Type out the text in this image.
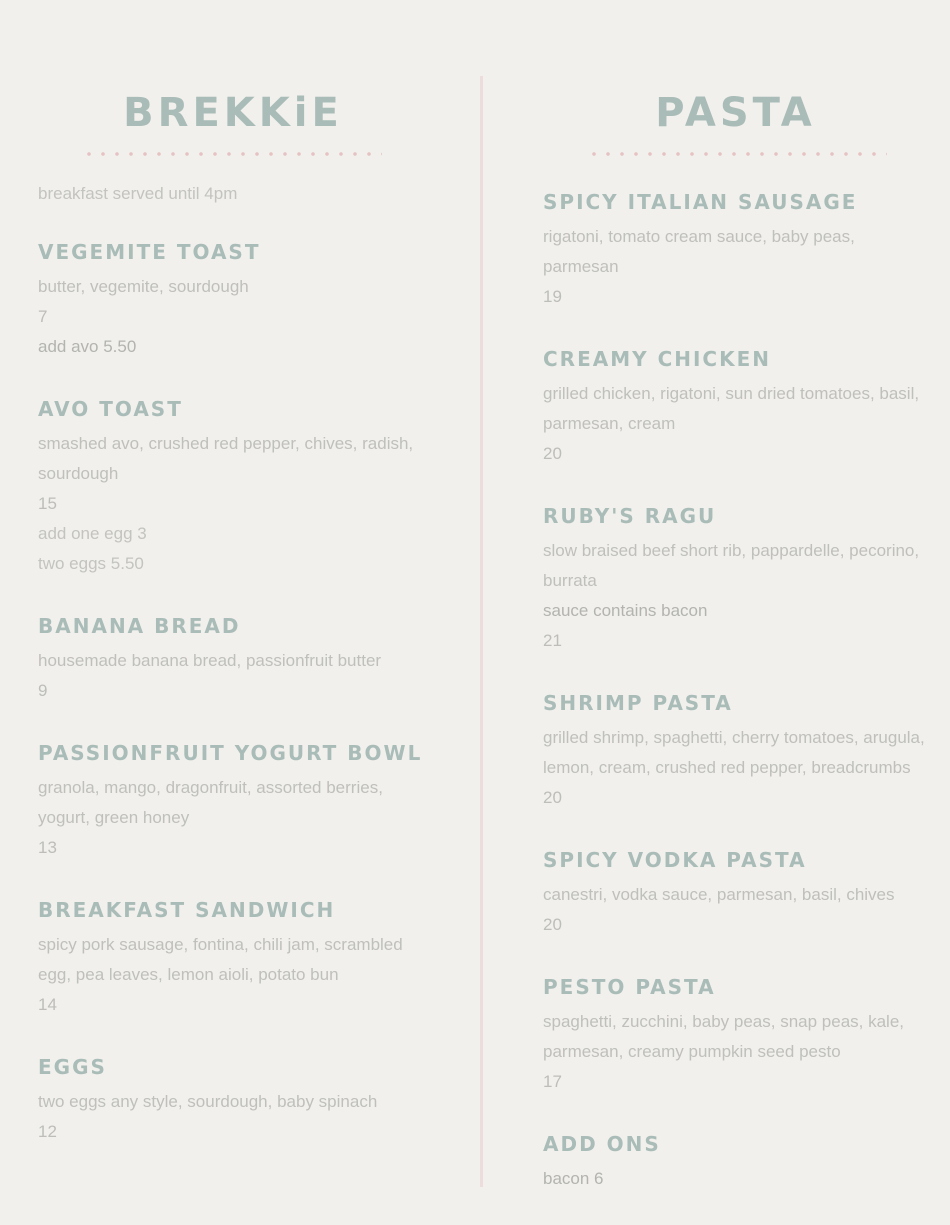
BREKKiE
breakfast served until 4pm
VEGEMITE TOAST
butter, vegemite, sourdough
7
add avo 5.50
AVO TOAST
smashed avo, crushed red pepper, chives, radish, sourdough
15
add one egg 3
two eggs 5.50
BANANA BREAD
housemade banana bread, passionfruit butter
9
PASSIONFRUIT YOGURT BOWL
granola, mango, dragonfruit, assorted berries, yogurt, green honey
13
BREAKFAST SANDWICH
spicy pork sausage, fontina, chili jam, scrambled egg, pea leaves, lemon aioli, potato bun
14
EGGS
two eggs any style, sourdough, baby spinach
12
PASTA
SPICY ITALIAN SAUSAGE
rigatoni, tomato cream sauce, baby peas, parmesan
19
CREAMY CHICKEN
grilled chicken, rigatoni, sun dried tomatoes, basil, parmesan, cream
20
RUBY'S RAGU
slow braised beef short rib, pappardelle, pecorino, burrata
sauce contains bacon
21
SHRIMP PASTA
grilled shrimp, spaghetti, cherry tomatoes, arugula, lemon, cream, crushed red pepper, breadcrumbs
20
SPICY VODKA PASTA
canestri, vodka sauce, parmesan, basil, chives
20
PESTO PASTA
spaghetti, zucchini, baby peas, snap peas, kale, parmesan, creamy pumpkin seed pesto
17
ADD ONS
bacon 6
